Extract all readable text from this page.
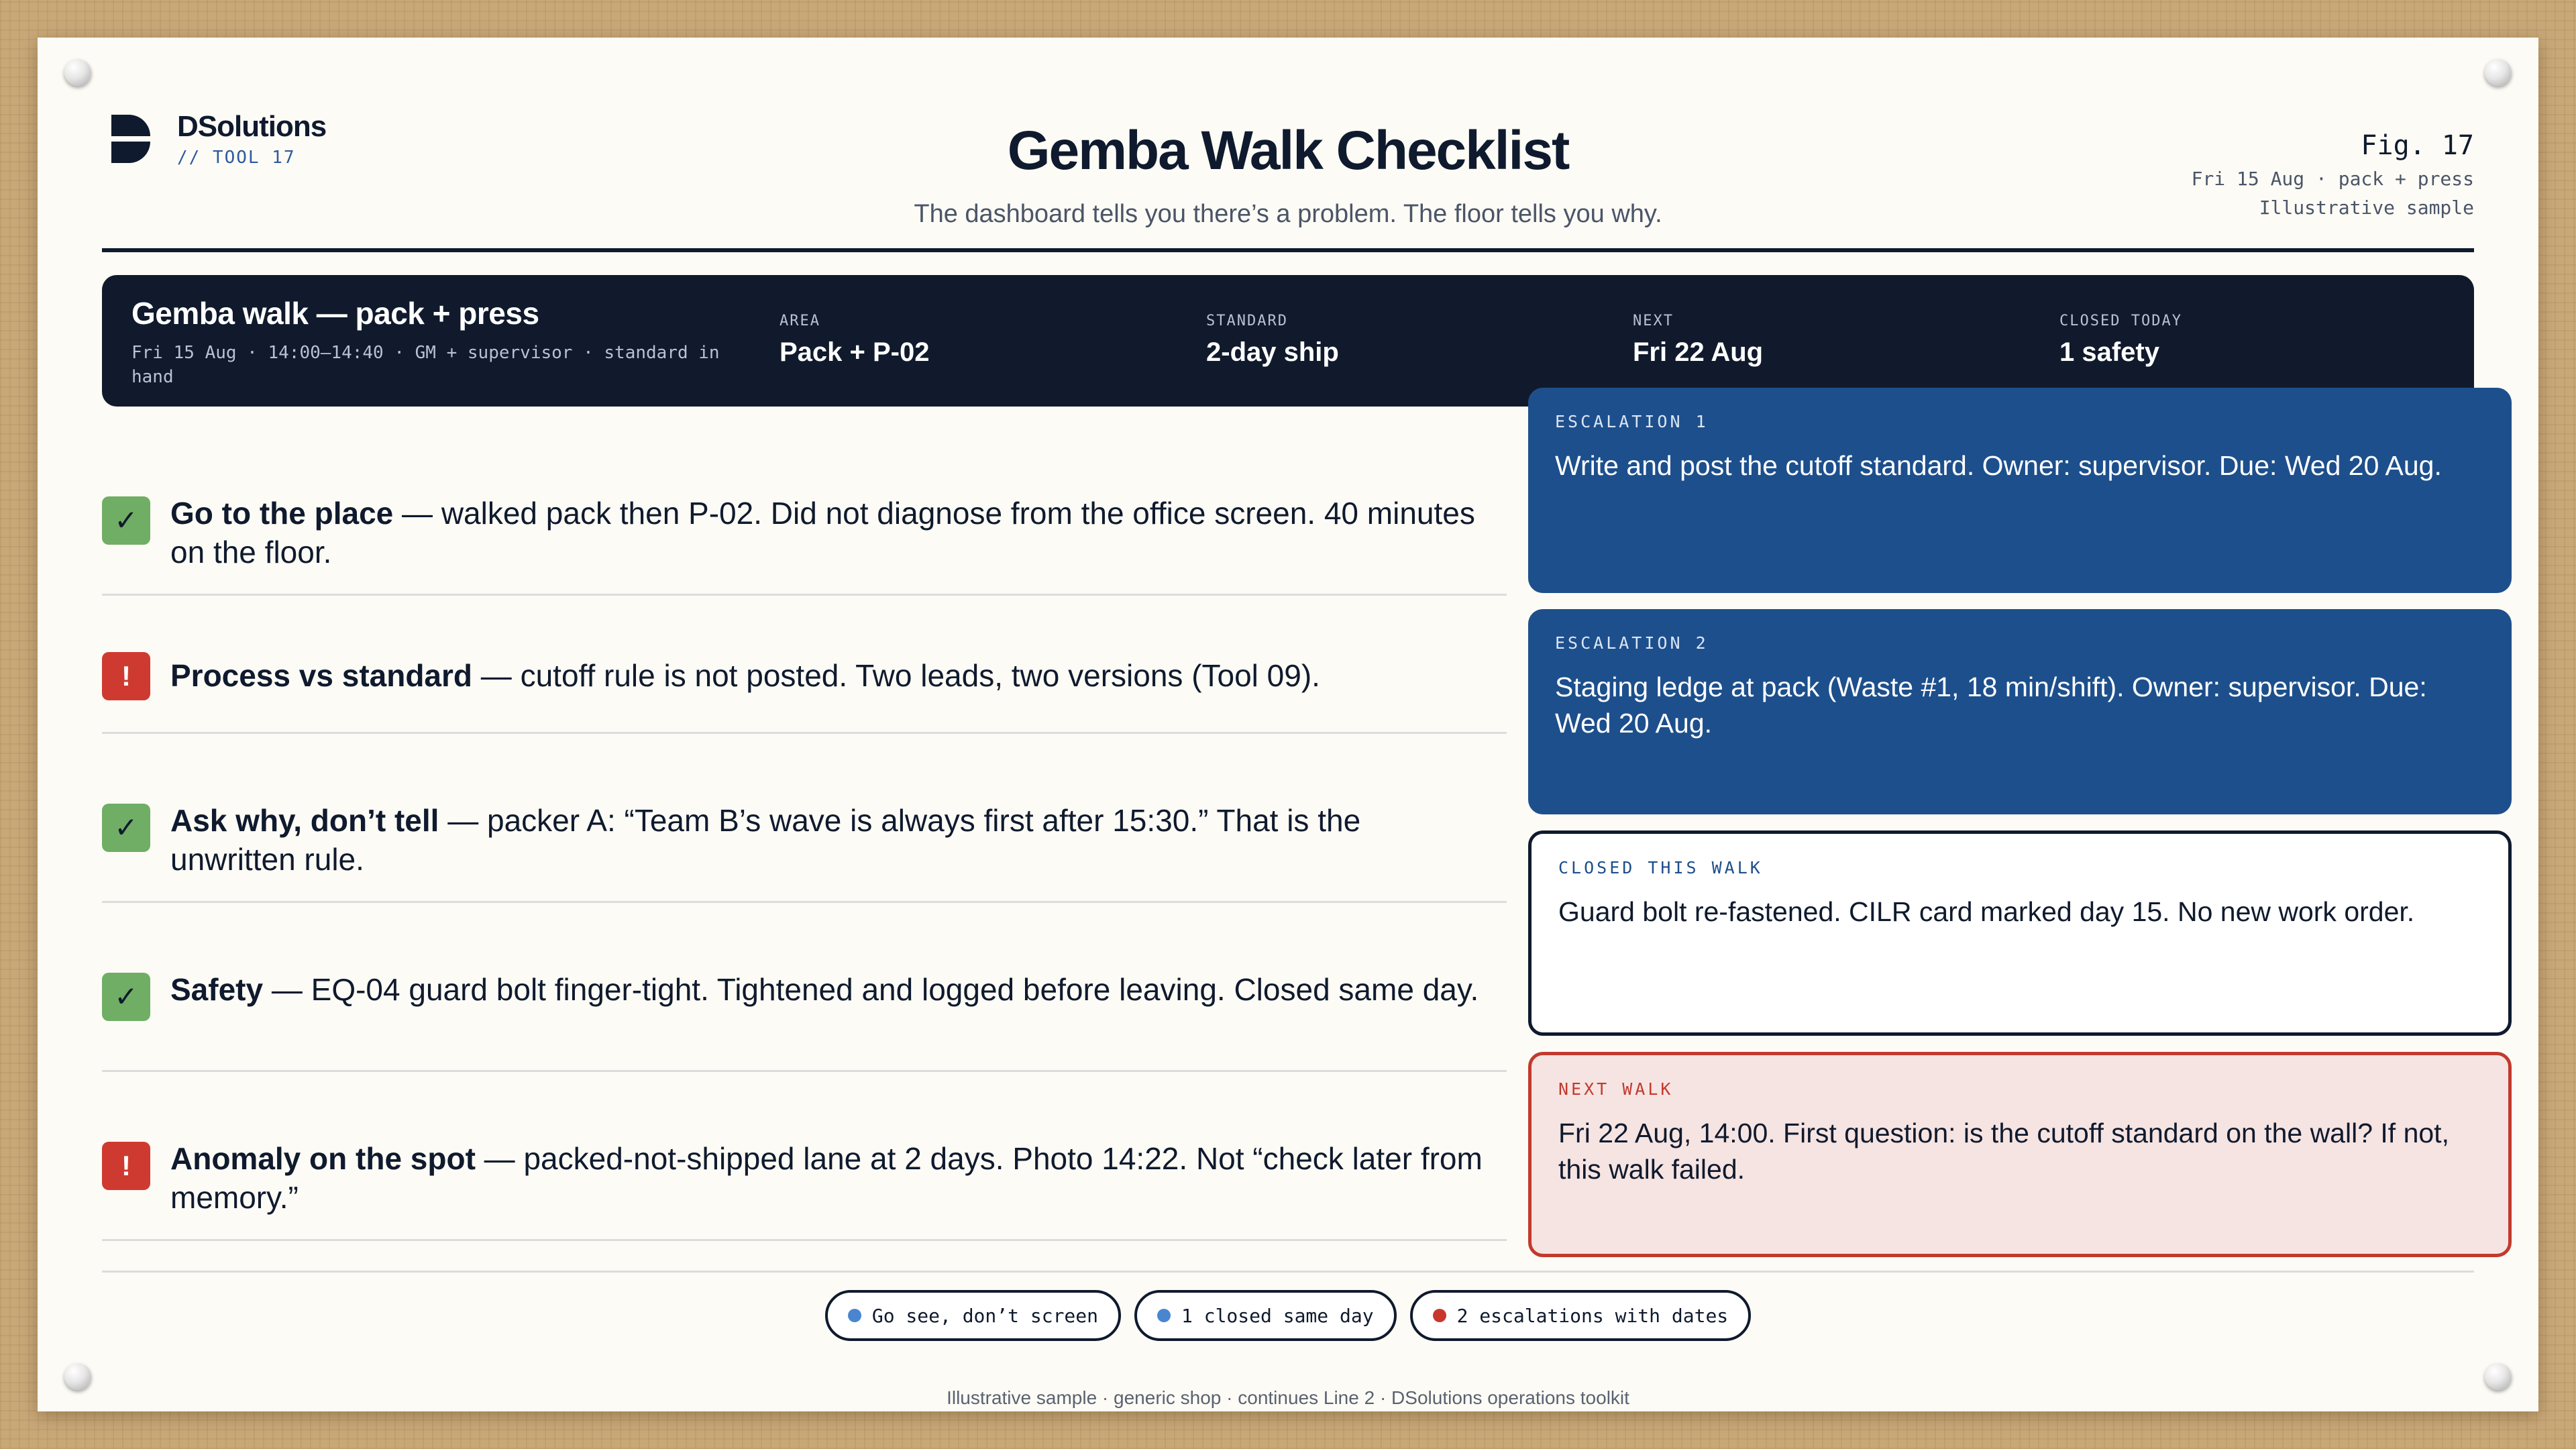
DSolutions
// TOOL 17	Gemba Walk Checklist
The dashboard tells you there’s a problem. The floor tells you why.
Fig. 17
Fri 15 Aug · pack + press
Illustrative sample
Gemba walk — pack + press
Fri 15 Aug · 14:00–14:40 · GM + supervisor · standard in hand
AREA
Pack + P-02
STANDARD
2-day ship
NEXT
Fri 22 Aug
CLOSED TODAY
1 safety
✓	Go to the place — walked pack then P-02. Did not diagnose from the office screen. 40 minutes on the floor.
!	Process vs standard — cutoff rule is not posted. Two leads, two versions (Tool 09).
✓	Ask why, don’t tell — packer A: “Team B’s wave is always first after 15:30.” That is the unwritten rule.
✓	Safety — EQ-04 guard bolt finger-tight. Tightened and logged before leaving. Closed same day.
!	Anomaly on the spot — packed-not-shipped lane at 2 days. Photo 14:22. Not “check later from memory.”
ESCALATION 1
Write and post the cutoff standard. Owner: supervisor. Due: Wed 20 Aug.
ESCALATION 2
Staging ledge at pack (Waste #1, 18 min/shift). Owner: supervisor. Due: Wed 20 Aug.
CLOSED THIS WALK
Guard bolt re-fastened. CILR card marked day 15. No new work order.
NEXT WALK
Fri 22 Aug, 14:00. First question: is the cutoff standard on the wall? If not, this walk failed.
Go see, don’t screen	1 closed same day	2 escalations with dates
Illustrative sample · generic shop · continues Line 2 · DSolutions operations toolkit
